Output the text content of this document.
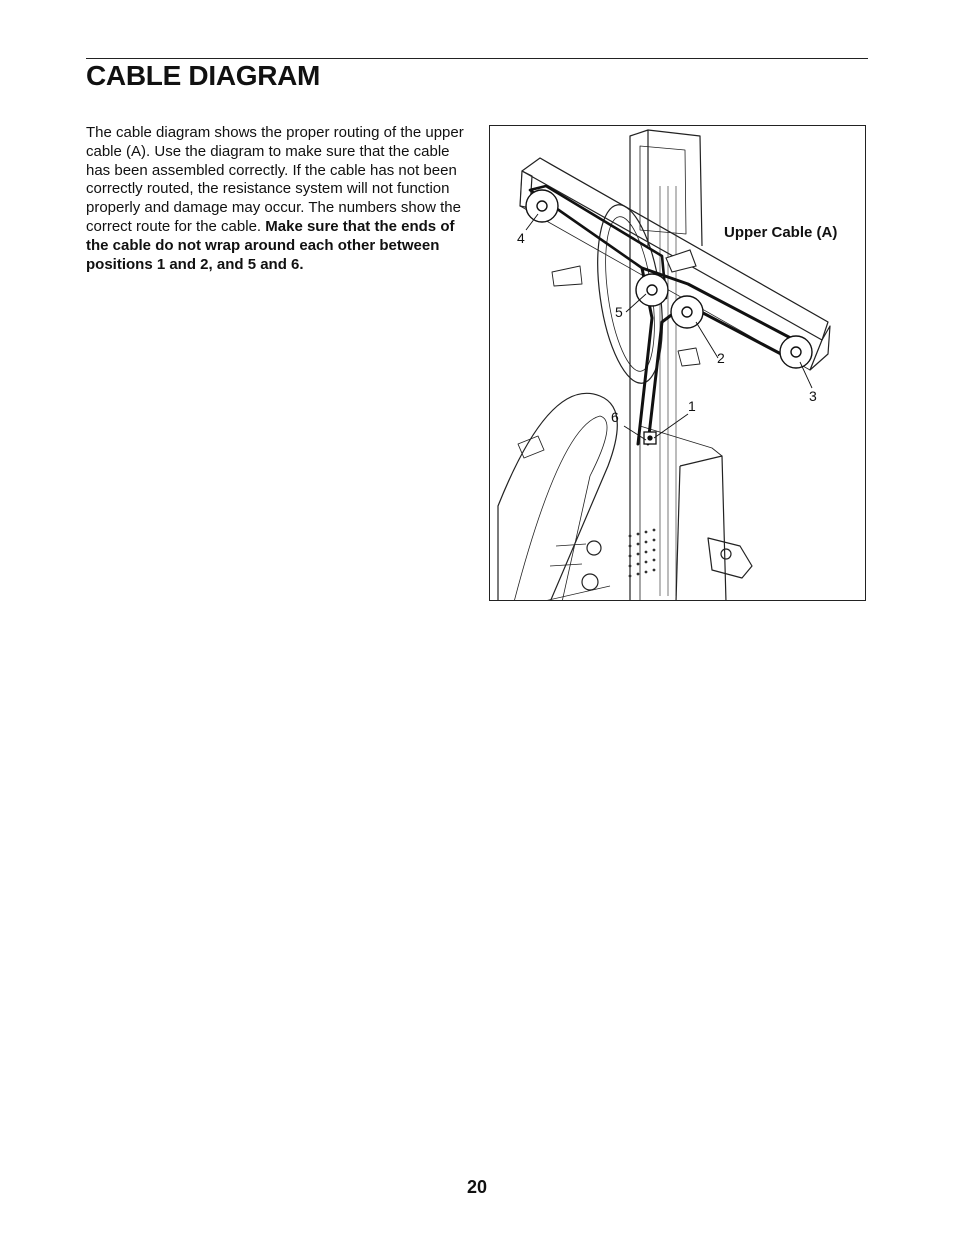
CABLE DIAGRAM

The cable diagram shows the proper routing of the upper cable (A). Use the diagram to make sure that the cable has been assembled correctly. If the cable has not been correctly routed, the resistance system will not function properly and damage may occur. The numbers show the correct route for the cable. Make sure that the ends of the cable do not wrap around each other between positions 1 and 2, and 5 and 6.

4
5
2
3
1
6
Upper Cable (A)
20
